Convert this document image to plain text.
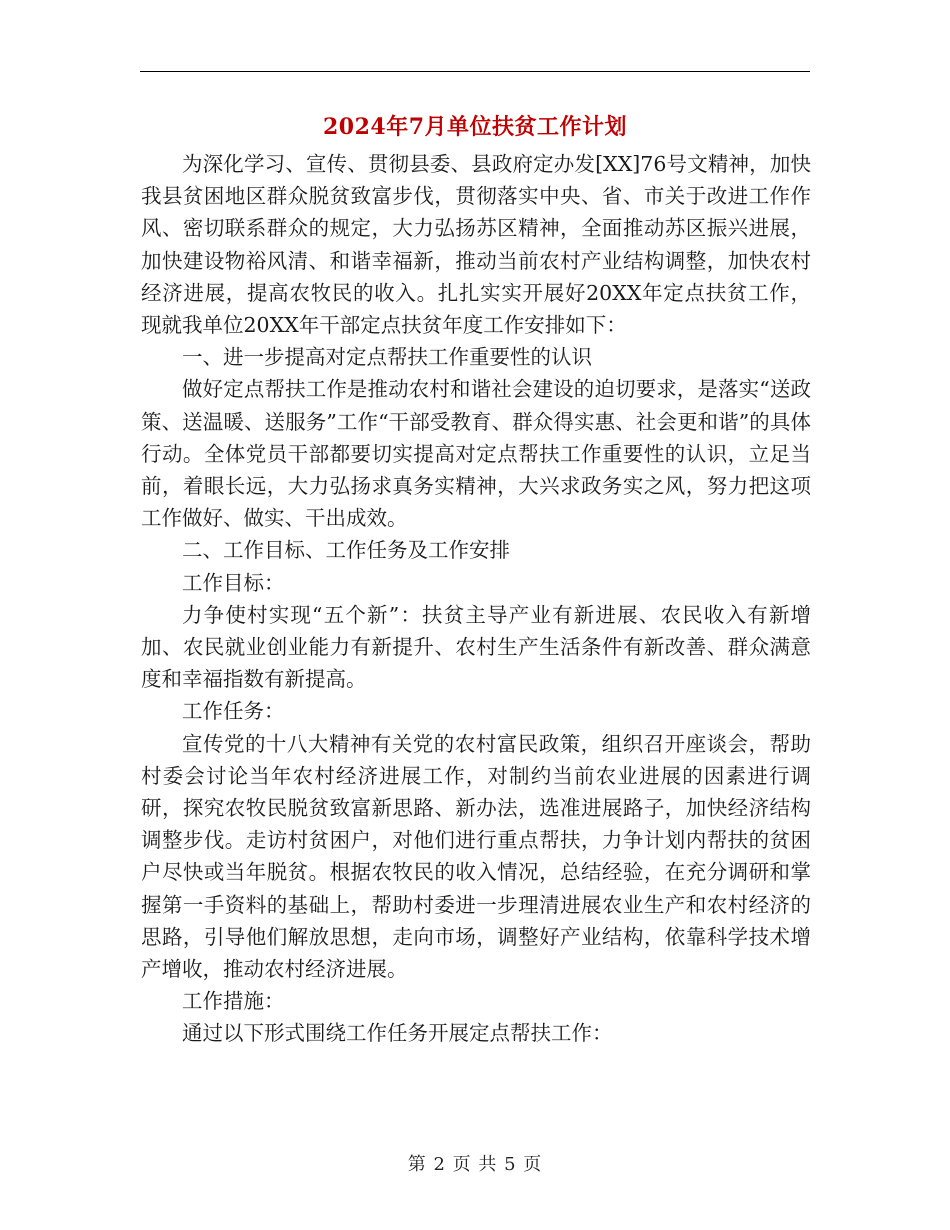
2024年7月单位扶贫工作计划

为深化学习、宣传、贯彻县委、县政府定办发[XX]76号文精神，加快我县贫困地区群众脱贫致富步伐，贯彻落实中央、省、市关于改进工作作风、密切联系群众的规定，大力弘扬苏区精神，全面推动苏区振兴进展，加快建设物裕风清、和谐幸福新，推动当前农村产业结构调整，加快农村经济进展，提高农牧民的收入。扎扎实实开展好20XX年定点扶贫工作，现就我单位20XX年干部定点扶贫年度工作安排如下：

一、进一步提高对定点帮扶工作重要性的认识

做好定点帮扶工作是推动农村和谐社会建设的迫切要求，是落实“送政策、送温暖、送服务”工作“干部受教育、群众得实惠、社会更和谐”的具体行动。全体党员干部都要切实提高对定点帮扶工作重要性的认识，立足当前，着眼长远，大力弘扬求真务实精神，大兴求政务实之风，努力把这项工作做好、做实、干出成效。

二、工作目标、工作任务及工作安排

工作目标：

力争使村实现“五个新”：扶贫主导产业有新进展、农民收入有新增加、农民就业创业能力有新提升、农村生产生活条件有新改善、群众满意度和幸福指数有新提高。

工作任务：

宣传党的十八大精神有关党的农村富民政策，组织召开座谈会，帮助村委会讨论当年农村经济进展工作，对制约当前农业进展的因素进行调研，探究农牧民脱贫致富新思路、新办法，选准进展路子，加快经济结构调整步伐。走访村贫困户，对他们进行重点帮扶，力争计划内帮扶的贫困户尽快或当年脱贫。根据农牧民的收入情况，总结经验，在充分调研和掌握第一手资料的基础上，帮助村委进一步理清进展农业生产和农村经济的思路，引导他们解放思想，走向市场，调整好产业结构，依靠科学技术增产增收，推动农村经济进展。

工作措施：

通过以下形式围绕工作任务开展定点帮扶工作：

第 2 页 共 5 页
